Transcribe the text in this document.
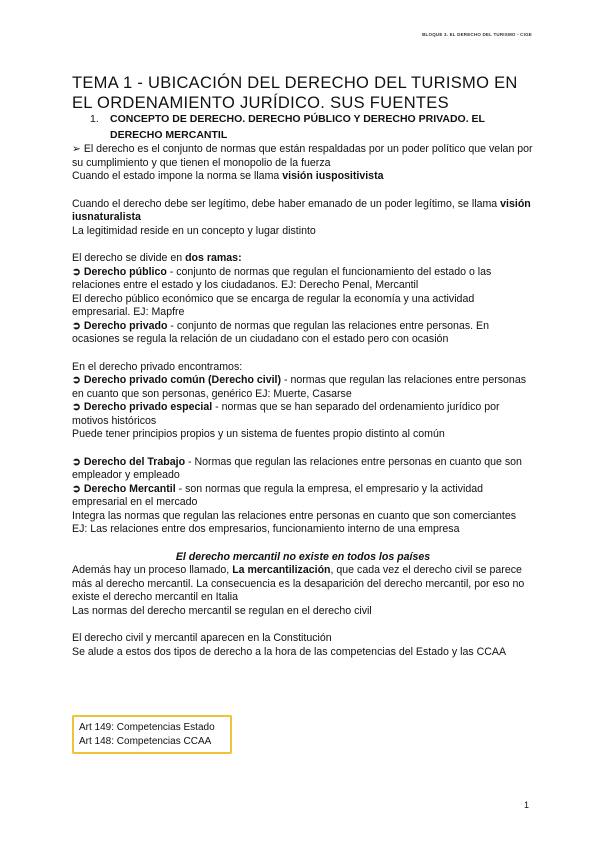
BLOQUE 3. EL DERECHO DEL TURISMO - CIGE
TEMA 1 - UBICACIÓN DEL DERECHO DEL TURISMO EN EL ORDENAMIENTO JURÍDICO. SUS FUENTES
1. CONCEPTO DE DERECHO. DERECHO PÚBLICO Y DERECHO PRIVADO. EL
DERECHO MERCANTIL

➢ El derecho es el conjunto de normas que están respaldadas por un poder político que velan por su cumplimiento y que tienen el monopolio de la fuerza

Cuando el estado impone la norma se llama visión iuspositivista

Cuando el derecho debe ser legítimo, debe haber emanado de un poder legítimo, se llama visión iusnaturalista

La legitimidad reside en un concepto y lugar distinto

El derecho se divide en dos ramas:

➲ Derecho público - conjunto de normas que regulan el funcionamiento del estado o las relaciones entre el estado y los ciudadanos. EJ: Derecho Penal, Mercantil

El derecho público económico que se encarga de regular la economía y una actividad empresarial. EJ: Mapfre

➲ Derecho privado - conjunto de normas que regulan las relaciones entre personas. En ocasiones se regula la relación de un ciudadano con el estado pero con ocasión

En el derecho privado encontramos:

➲ Derecho privado común (Derecho civil) - normas que regulan las relaciones entre personas en cuanto que son personas, genérico EJ: Muerte, Casarse

➲ Derecho privado especial - normas que se han separado del ordenamiento jurídico por motivos históricos

Puede tener principios propios y un sistema de fuentes propio distinto al común

➲ Derecho del Trabajo - Normas que regulan las relaciones entre personas en cuanto que son empleador y empleado

➲ Derecho Mercantil - son normas que regula la empresa, el empresario y la actividad empresarial en el mercado

Integra las normas que regulan las relaciones entre personas en cuanto que son comerciantes EJ: Las relaciones entre dos empresarios, funcionamiento interno de una empresa

El derecho mercantil no existe en todos los países

Además hay un proceso llamado, La mercantilización, que cada vez el derecho civil se parece más al derecho mercantil. La consecuencia es la desaparición del derecho mercantil, por eso no existe el derecho mercantil en Italia

Las normas del derecho mercantil se regulan en el derecho civil

El derecho civil y mercantil aparecen en la Constitución

Se alude a estos dos tipos de derecho a la hora de las competencias del Estado y las CCAA

Art 149: Competencias Estado
Art 148: Competencias CCAA
1
